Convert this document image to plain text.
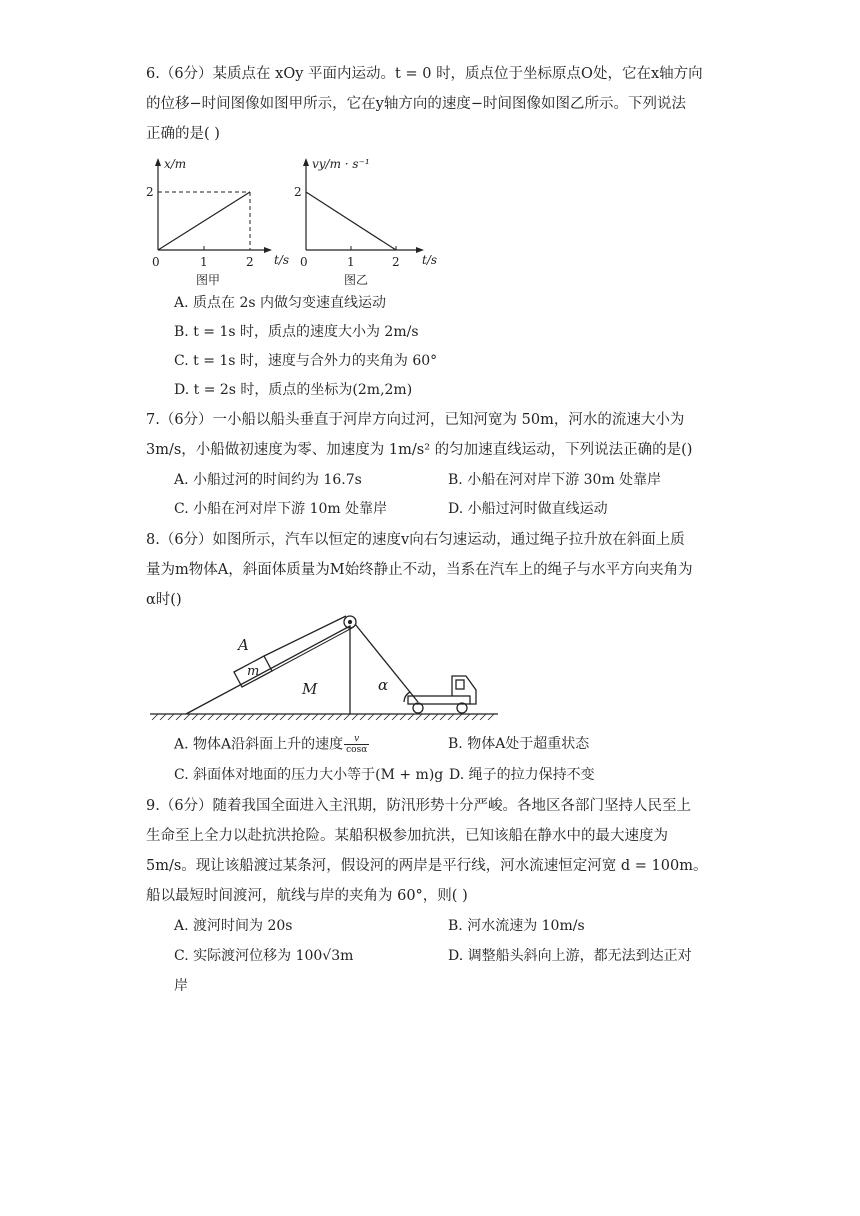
6.（6分）某质点在 xOy 平面内运动。t = 0 时，质点位于坐标原点O处，它在x轴方向
的位移−时间图像如图甲所示，它在y轴方向的速度−时间图像如图乙所示。下列说法
正确的是( )
x/m
t/s
2
0	1	2
图甲
vy/m · s⁻¹
t/s
2
0	1	2
图乙
A. 质点在 2s 内做匀变速直线运动
B. t = 1s 时，质点的速度大小为 2m/s
C. t = 1s 时，速度与合外力的夹角为 60°
D. t = 2s 时，质点的坐标为(2m,2m)
7.（6分）一小船以船头垂直于河岸方向过河，已知河宽为 50m，河水的流速大小为
3m/s，小船做初速度为零、加速度为 1m/s² 的匀加速直线运动，下列说法正确的是()
A. 小船过河的时间约为 16.7s	B. 小船在河对岸下游 30m 处靠岸
C. 小船在河对岸下游 10m 处靠岸	D. 小船过河时做直线运动
8.（6分）如图所示，汽车以恒定的速度v向右匀速运动，通过绳子拉升放在斜面上质
量为m物体A，斜面体质量为M始终静止不动，当系在汽车上的绳子与水平方向夹角为
α时()
A
m
M	α
A. 物体A沿斜面上升的速度 $\frac{v}{\cos\alpha}$	B. 物体A处于超重状态
C. 斜面体对地面的压力大小等于(M + m)g D. 绳子的拉力保持不变
9.（6分）随着我国全面进入主汛期，防汛形势十分严峻。各地区各部门坚持人民至上
生命至上全力以赴抗洪抢险。某船积极参加抗洪，已知该船在静水中的最大速度为
5m/s。现让该船渡过某条河，假设河的两岸是平行线，河水流速恒定河宽 d = 100m。
船以最短时间渡河，航线与岸的夹角为 60°，则( )
A. 渡河时间为 20s	B. 河水流速为 10m/s
C. 实际渡河位移为 100√3m	D. 调整船头斜向上游，都无法到达正对
岸
